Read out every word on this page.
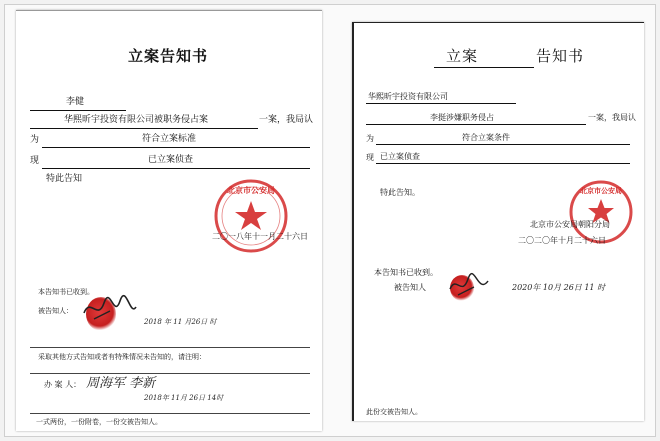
立案告知书
李健
华熙昕宇投资有限公司被职务侵占案	一案，我局认
为	符合立案标准
现	已立案侦查
特此告知
北京市公安局
二〇一八年十一月二十六日
本告知书已收到。
被告知人：
2018 年 11 月26日 时
采取其他方式告知或者有特殊情况未告知的，请注明：
办 案 人： 周海军 李新
2018年 11月 26日 14时
一式两份，一份附卷，一份交被告知人。
立案	告知书
华熙昕宇投资有限公司
李挺涉嫌职务侵占	一案，我局认
为	符合立案条件
现 已立案侦查
特此告知。	北京市公安局
北京市公安局朝阳分局
二〇二〇年十月二十六日
本告知书已收到。
被告知人	2020年 10月 26日 11 时
此份交被告知人。
